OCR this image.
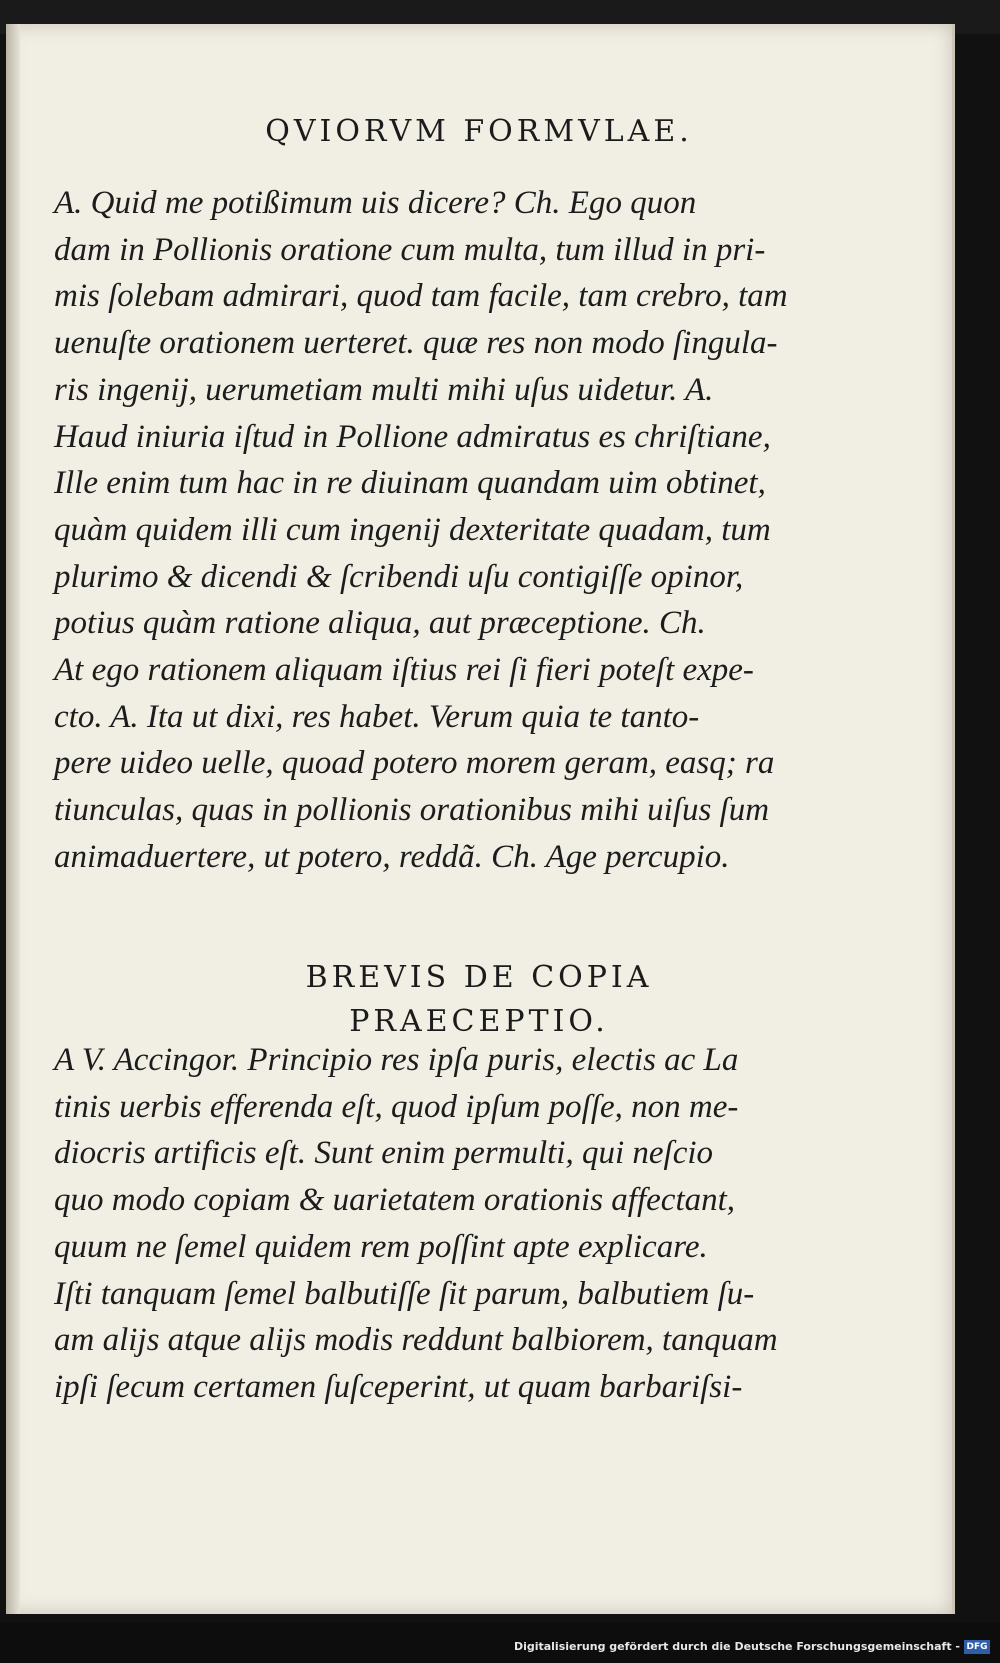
QVIORVM FORMVLAE.
A. Quid me potißimum uis dicere? Ch. Ego quon
dam in Pollionis oratione cum multa, tum illud in pri-
mis ſolebam admirari, quod tam facile, tam crebro, tam
uenuſte orationem uerteret. quæ res non modo ſingula-
ris ingenij, uerumetiam multi mihi uſus uidetur. A.
Haud iniuria iſtud in Pollione admiratus es chriſtiane,
Ille enim tum hac in re diuinam quandam uim obtinet,
quàm quidem illi cum ingenij dexteritate quadam, tum
plurimo & dicendi & ſcribendi uſu contigiſſe opinor,
potius quàm ratione aliqua, aut præceptione. Ch.
At ego rationem aliquam iſtius rei ſi fieri poteſt expe-
cto. A. Ita ut dixi, res habet. Verum quia te tanto-
pere uideo uelle, quoad potero morem geram, easq; ra
tiunculas, quas in pollionis orationibus mihi uiſus ſum
animaduertere, ut potero, reddã. Ch. Age percupio.
BREVIS DE COPIA
PRAECEPTIO.
A V. Accingor. Principio res ipſa puris, electis ac La
tinis uerbis efferenda eſt, quod ipſum poſſe, non me-
diocris artificis eſt. Sunt enim permulti, qui neſcio
quo modo copiam & uarietatem orationis affectant,
quum ne ſemel quidem rem poſſint apte explicare.
Iſti tanquam ſemel balbutiſſe ſit parum, balbutiem ſu-
am alijs atque alijs modis reddunt balbiorem, tanquam
ipſi ſecum certamen ſuſceperint, ut quam barbariſsi-
Digitalisierung gefördert durch die Deutsche Forschungsgemeinschaft - DFG
